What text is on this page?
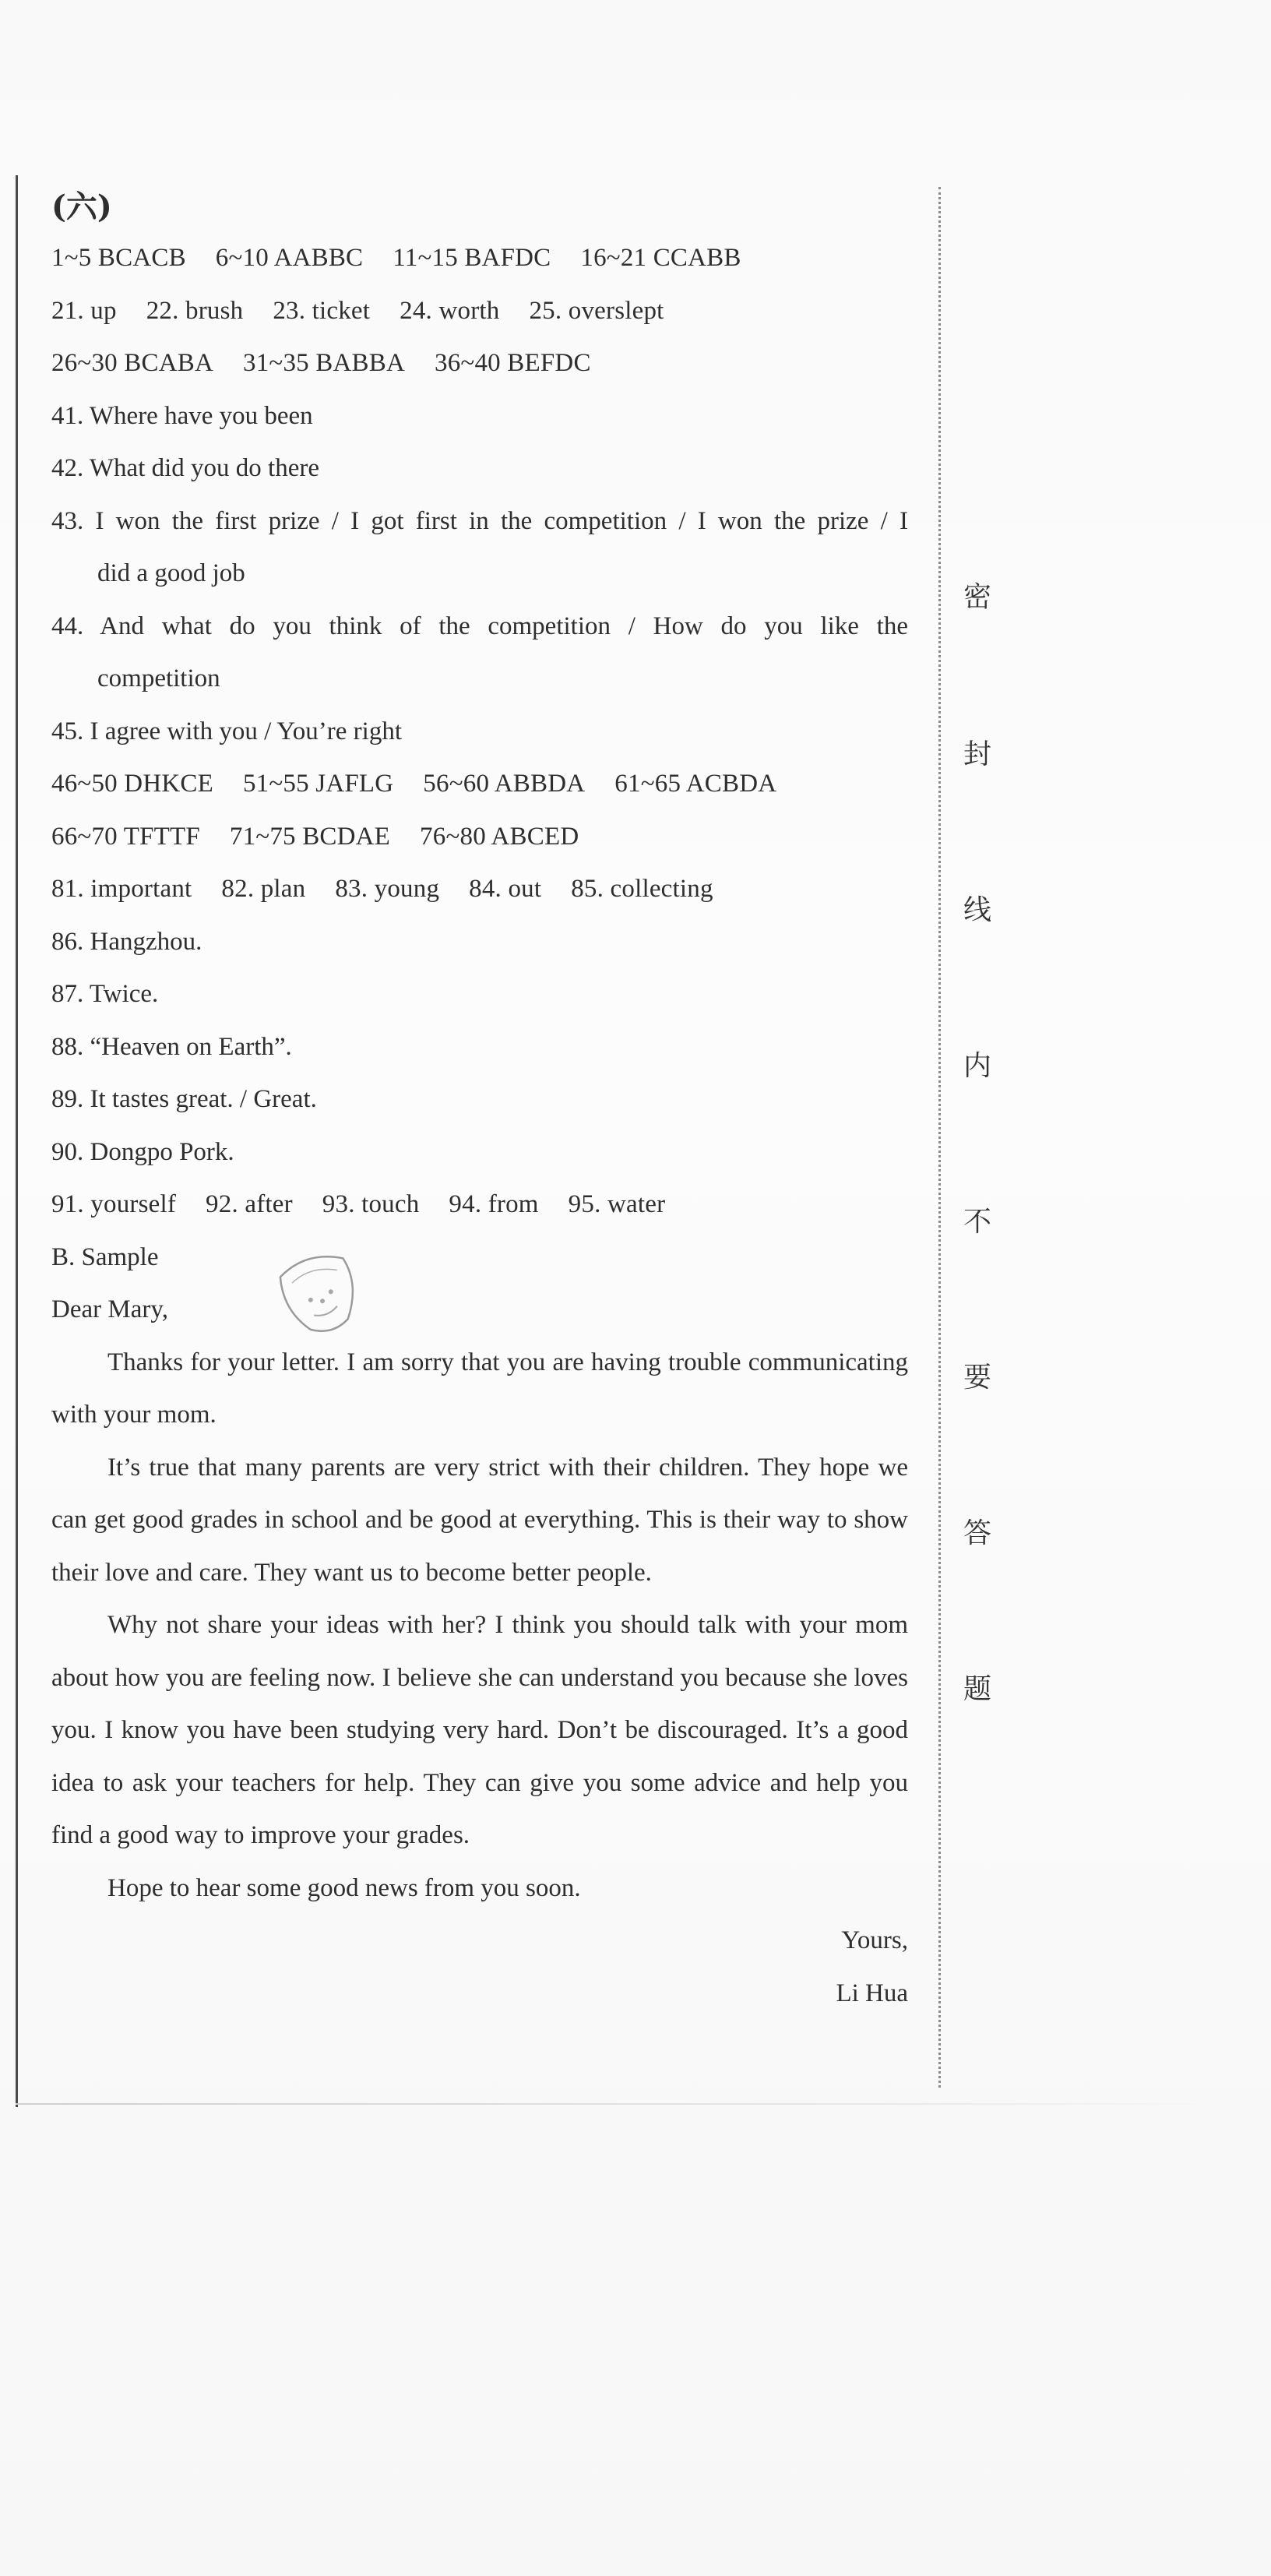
(六)
1~5 BCACB 6~10 AABBC 11~15 BAFDC 16~21 CCABB
21. up 22. brush 23. ticket 24. worth 25. overslept
26~30 BCABA 31~35 BABBA 36~40 BEFDC
41. Where have you been
42. What did you do there
43. I won the first prize / I got first in the competition / I won the prize / I
did a good job
44. And what do you think of the competition / How do you like the
competition
45. I agree with you / You’re right
46~50 DHKCE 51~55 JAFLG 56~60 ABBDA 61~65 ACBDA
66~70 TFTTF 71~75 BCDAE 76~80 ABCED
81. important 82. plan 83. young 84. out 85. collecting
86. Hangzhou.
87. Twice.
88. “Heaven on Earth”.
89. It tastes great. / Great.
90. Dongpo Pork.
91. yourself 92. after 93. touch 94. from 95. water
B. Sample
Dear Mary,

Thanks for your letter. I am sorry that you are having trouble communicating with your mom.

It’s true that many parents are very strict with their children. They hope we can get good grades in school and be good at everything. This is their way to show their love and care. They want us to become better people.

Why not share your ideas with her? I think you should talk with your mom about how you are feeling now. I believe she can understand you because she loves you. I know you have been studying very hard. Don’t be discouraged. It’s a good idea to ask your teachers for help. They can give you some advice and help you find a good way to improve your grades.

Hope to hear some good news from you soon.

Yours,
Li Hua
密
封
线
内
不
要
答
题
